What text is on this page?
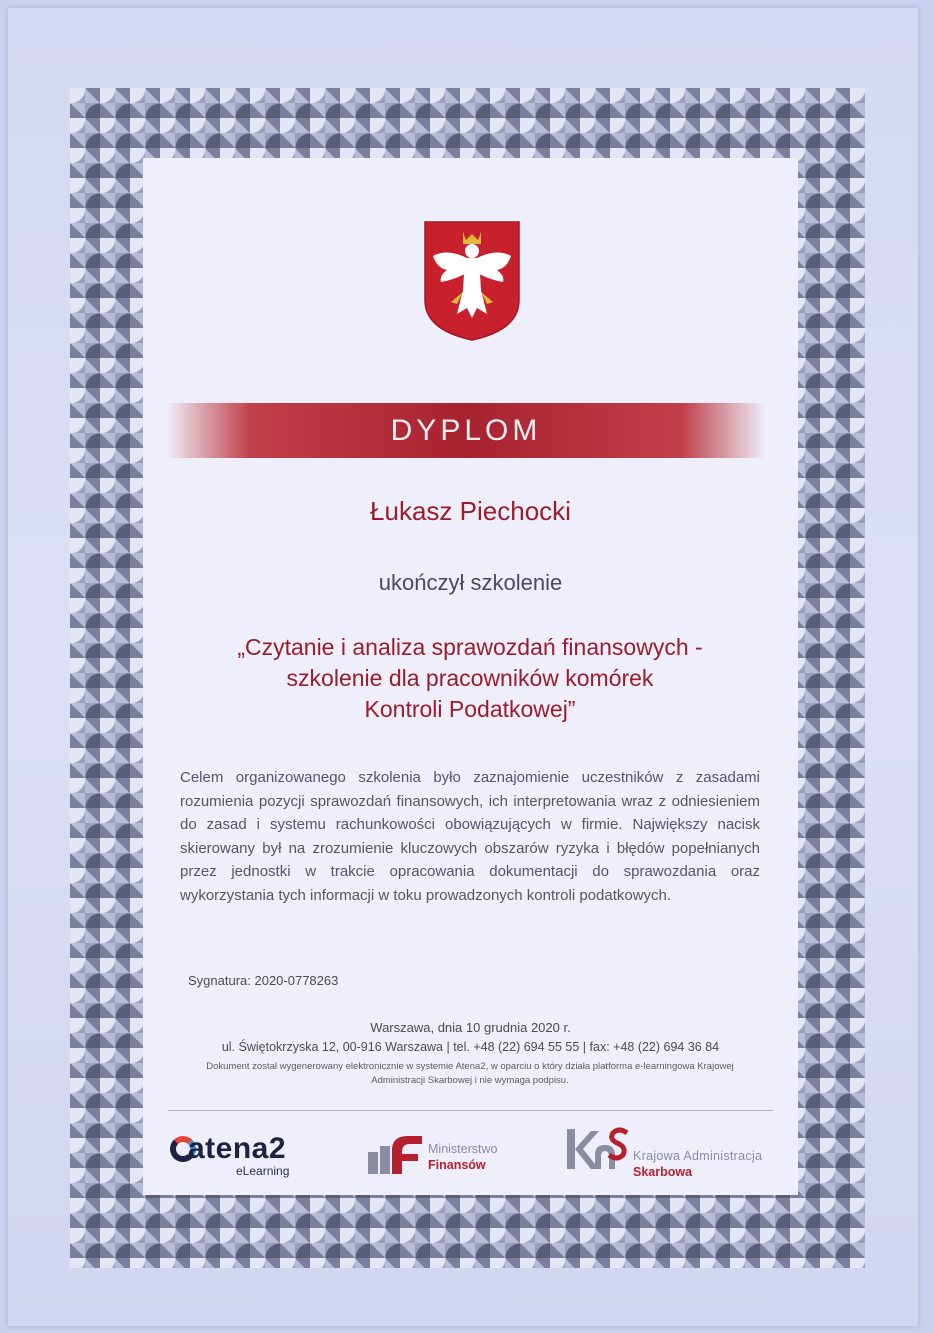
DYPLOM
Łukasz Piechocki
ukończył szkolenie
„Czytanie i analiza sprawozdań finansowych -
szkolenie dla pracowników komórek
Kontroli Podatkowej”
Celem organizowanego szkolenia było zaznajomienie uczestników z zasadami rozumienia pozycji sprawozdań finansowych, ich interpretowania wraz z odniesieniem do zasad i systemu rachunkowości obowiązujących w firmie. Największy nacisk skierowany był na zrozumienie kluczowych obszarów ryzyka i błędów popełnianych przez jednostki w trakcie opracowania dokumentacji do sprawozdania oraz wykorzystania tych informacji w toku prowadzonych kontroli podatkowych.
Sygnatura: 2020-0778263
Warszawa, dnia 10 grudnia 2020 r.
ul. Świętokrzyska 12, 00-916 Warszawa | tel. +48 (22) 694 55 55 | fax: +48 (22) 694 36 84
Dokument został wygenerowany elektronicznie w systemie Atena2, w oparciu o który działa platforma e-learningowa Krajowej Administracji Skarbowej i nie wymaga podpisu.
atena2
eLearning
Ministerstwo
Finansów
Krajowa Administracja
Skarbowa
